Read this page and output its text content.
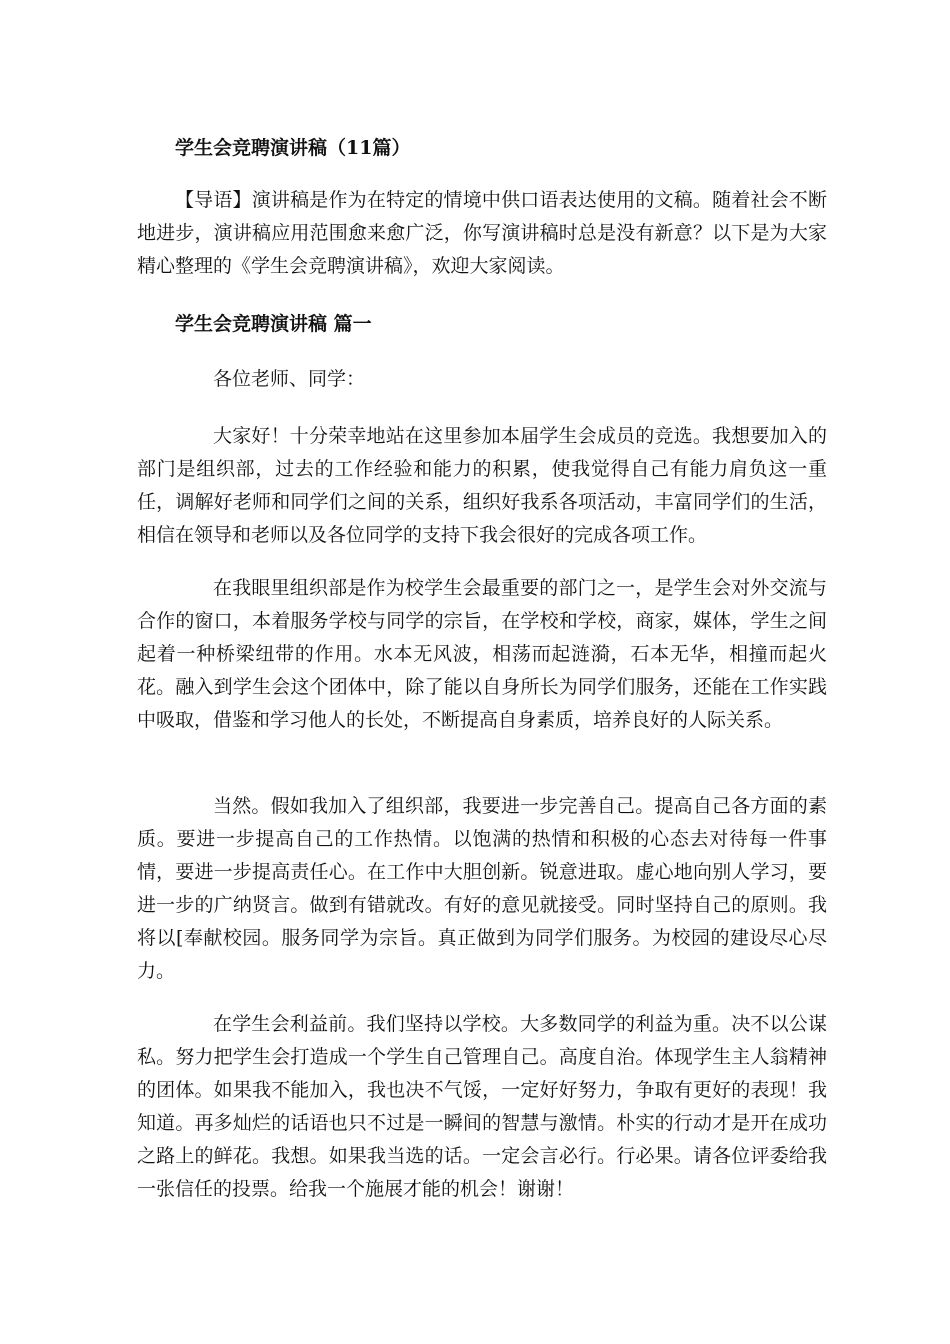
学生会竞聘演讲稿（11篇）

【导语】演讲稿是作为在特定的情境中供口语表达使用的文稿。随着社会不断地进步，演讲稿应用范围愈来愈广泛，你写演讲稿时总是没有新意？以下是为大家精心整理的《学生会竞聘演讲稿》，欢迎大家阅读。

学生会竞聘演讲稿 篇一

各位老师、同学：

大家好！十分荣幸地站在这里参加本届学生会成员的竞选。我想要加入的部门是组织部，过去的工作经验和能力的积累，使我觉得自己有能力肩负这一重任，调解好老师和同学们之间的关系，组织好我系各项活动，丰富同学们的生活，相信在领导和老师以及各位同学的支持下我会很好的完成各项工作。

在我眼里组织部是作为校学生会最重要的部门之一，是学生会对外交流与合作的窗口，本着服务学校与同学的宗旨，在学校和学校，商家，媒体，学生之间起着一种桥梁纽带的作用。水本无风波，相荡而起涟漪，石本无华，相撞而起火花。融入到学生会这个团体中，除了能以自身所长为同学们服务，还能在工作实践中吸取，借鉴和学习他人的长处，不断提高自身素质，培养良好的人际关系。

当然。假如我加入了组织部，我要进一步完善自己。提高自己各方面的素质。要进一步提高自己的工作热情。以饱满的热情和积极的心态去对待每一件事情，要进一步提高责任心。在工作中大胆创新。锐意进取。虚心地向别人学习，要进一步的广纳贤言。做到有错就改。有好的意见就接受。同时坚持自己的原则。我将以[奉献校园。服务同学为宗旨。真正做到为同学们服务。为校园的建设尽心尽力。

在学生会利益前。我们坚持以学校。大多数同学的利益为重。决不以公谋私。努力把学生会打造成一个学生自己管理自己。高度自治。体现学生主人翁精神的团体。如果我不能加入，我也决不气馁，一定好好努力，争取有更好的表现！我知道。再多灿烂的话语也只不过是一瞬间的智慧与激情。朴实的行动才是开在成功之路上的鲜花。我想。如果我当选的话。一定会言必行。行必果。请各位评委给我一张信任的投票。给我一个施展才能的机会！谢谢！
